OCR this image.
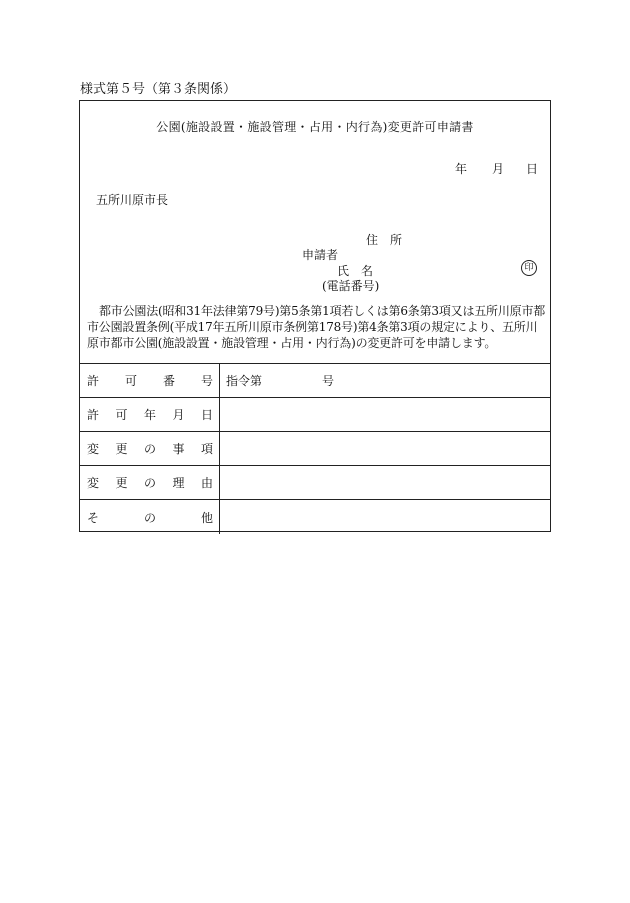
様式第５号（第３条関係）
公園(施設設置・施設管理・占用・内行為)変更許可申請書
年 月 日
五所川原市長
住　所
申請者
氏　名
(電話番号)
印
都市公園法(昭和31年法律第79号)第5条第1項若しくは第6条第3項又は五所川原市都市公園設置条例(平成17年五所川原市条例第178号)第4条第3項の規定により、五所川原市都市公園(施設設置・施設管理・占用・内行為)の変更許可を申請します。
許 可 番 号 指令第　　　　　号
許 可 年 月 日
変 更 の 事 項
変 更 の 理 由
そ	の	他
